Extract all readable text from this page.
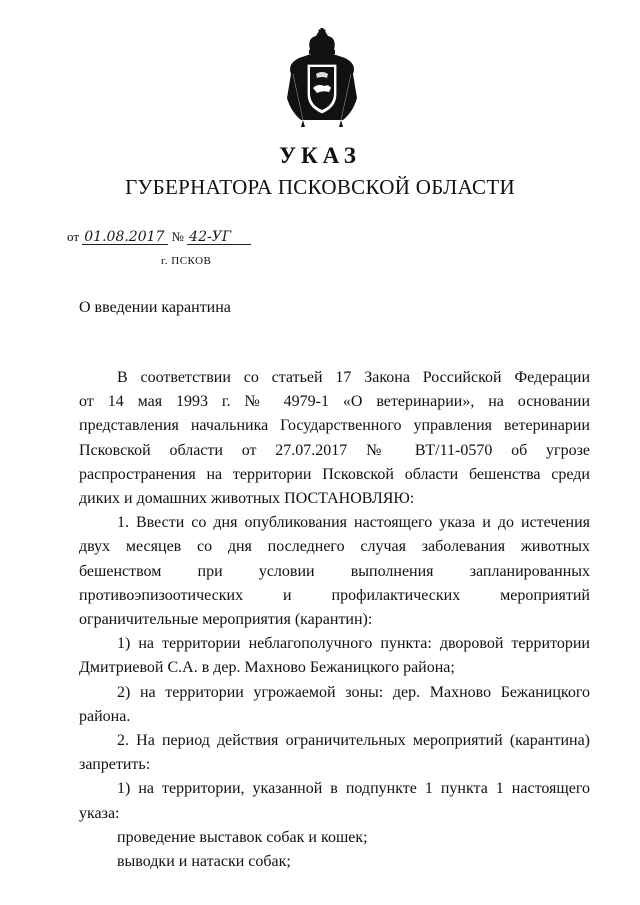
УКАЗ
ГУБЕРНАТОРА ПСКОВСКОЙ ОБЛАСТИ
от 01.08.2017 № 42-УГ
г. ПСКОВ
О введении карантина

В соответствии со статьей 17 Закона Российской Федерации

от 14 мая 1993 г. № 4979-1 «О ветеринарии», на основании

представления начальника Государственного управления ветеринарии

Псковской области от 27.07.2017 № ВТ/11-0570 об угрозе

распространения на территории Псковской области бешенства среди

диких и домашних животных ПОСТАНОВЛЯЮ:

1. Ввести со дня опубликования настоящего указа и до истечения

двух месяцев со дня последнего случая заболевания животных

бешенством при условии выполнения запланированных

противоэпизоотических и профилактических мероприятий

ограничительные мероприятия (карантин):

1) на территории неблагополучного пункта: дворовой территории

Дмитриевой С.А. в дер. Махново Бежаницкого района;

2) на территории угрожаемой зоны: дер. Махново Бежаницкого

района.

2. На период действия ограничительных мероприятий (карантина)

запретить:

1) на территории, указанной в подпункте 1 пункта 1 настоящего

указа:

проведение выставок собак и кошек;

выводки и натаски собак;
